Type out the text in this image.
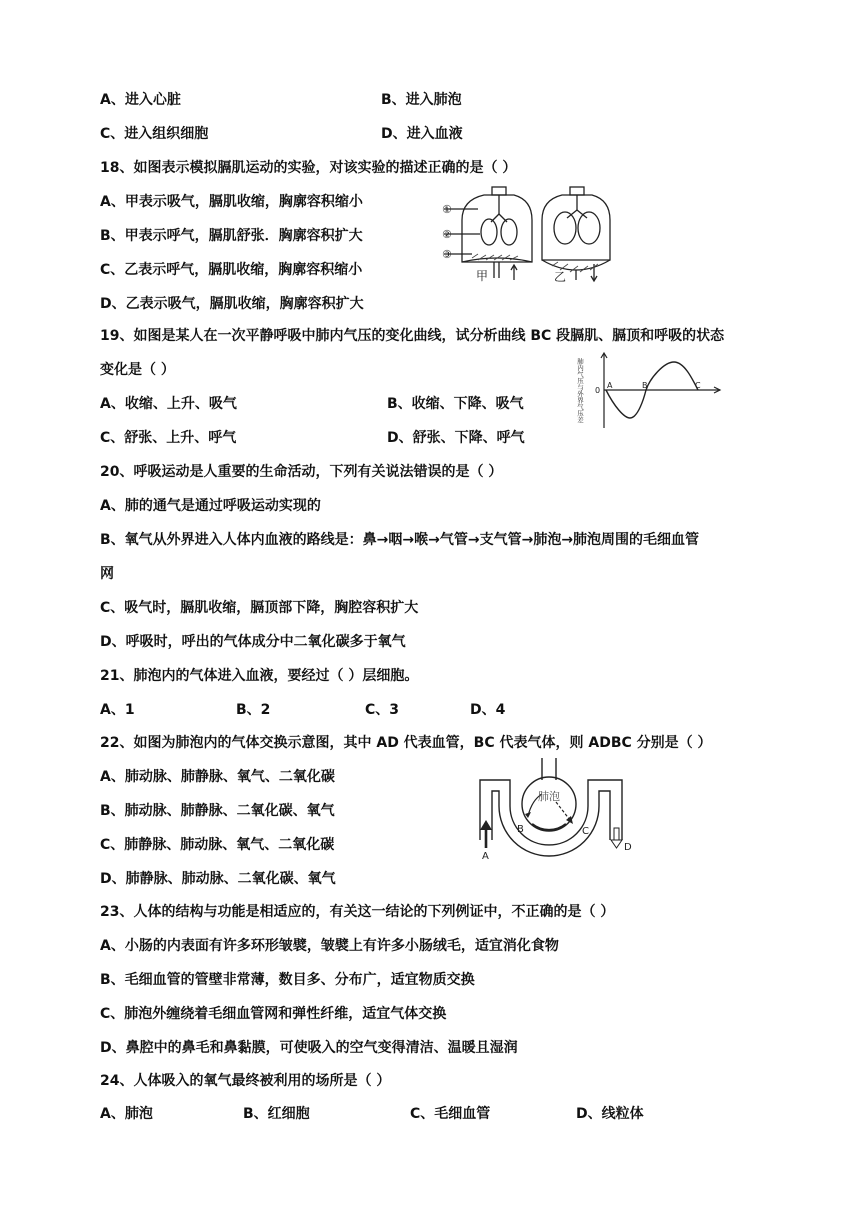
A、进入心脏	B、进入肺泡
C、进入组织细胞	D、进入血液
18、如图表示模拟膈肌运动的实验，对该实验的描述正确的是（ ）
A、甲表示吸气，膈肌收缩，胸廓容积缩小
B、甲表示呼气，膈肌舒张．胸廓容积扩大
C、乙表示呼气，膈肌收缩，胸廓容积缩小
D、乙表示吸气，膈肌收缩，胸廓容积扩大
①
②
③
甲	乙
19、如图是某人在一次平静呼吸中肺内气压的变化曲线，试分析曲线 BC 段膈肌、膈顶和呼吸的状态
变化是（ ）
A、收缩、上升、吸气	B、收缩、下降、吸气
C、舒张、上升、呼气	D、舒张、下降、呼气
肺内气压与外界气压差 0
A	B	C
20、呼吸运动是人重要的生命活动，下列有关说法错误的是（ ）
A、肺的通气是通过呼吸运动实现的
B、氧气从外界进入人体内血液的路线是：鼻→咽→喉→气管→支气管→肺泡→肺泡周围的毛细血管
网
C、吸气时，膈肌收缩，膈顶部下降，胸腔容积扩大
D、呼吸时，呼出的气体成分中二氧化碳多于氧气
21、肺泡内的气体进入血液，要经过（ ）层细胞。
A、1	B、2	C、3	D、4
22、如图为肺泡内的气体交换示意图，其中 AD 代表血管，BC 代表气体，则 ADBC 分别是（ ）
A、肺动脉、肺静脉、氧气、二氧化碳
B、肺动脉、肺静脉、二氧化碳、氧气
C、肺静脉、肺动脉、氧气、二氧化碳
D、肺静脉、肺动脉、二氧化碳、氧气
肺泡
A
B	C
D
23、人体的结构与功能是相适应的，有关这一结论的下列例证中，不正确的是（ ）
A、小肠的内表面有许多环形皱襞，皱襞上有许多小肠绒毛，适宜消化食物
B、毛细血管的管壁非常薄，数目多、分布广，适宜物质交换
C、肺泡外缠绕着毛细血管网和弹性纤维，适宜气体交换
D、鼻腔中的鼻毛和鼻黏膜，可使吸入的空气变得清洁、温暖且湿润
24、人体吸入的氧气最终被利用的场所是（ ）
A、肺泡	B、红细胞	C、毛细血管	D、线粒体
